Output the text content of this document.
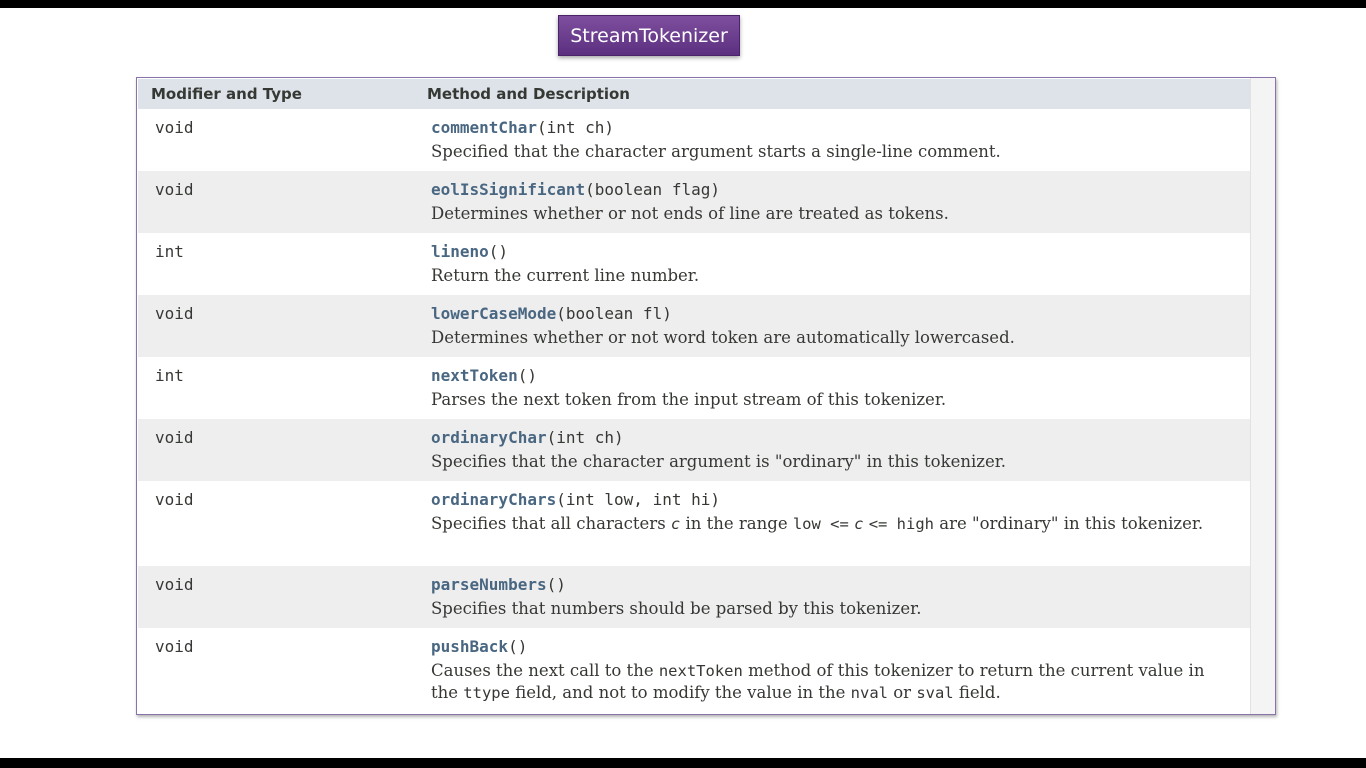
StreamTokenizer
Modifier and Type	Method and Description
void	commentChar(int ch)
Specified that the character argument starts a single-line comment.
void	eolIsSignificant(boolean flag)
Determines whether or not ends of line are treated as tokens.
int	lineno()
Return the current line number.
void	lowerCaseMode(boolean fl)
Determines whether or not word token are automatically lowercased.
int	nextToken()
Parses the next token from the input stream of this tokenizer.
void	ordinaryChar(int ch)
Specifies that the character argument is "ordinary" in this tokenizer.
void	ordinaryChars(int low, int hi)
Specifies that all characters c in the range low <= c <= high are "ordinary" in this tokenizer.
void	parseNumbers()
Specifies that numbers should be parsed by this tokenizer.
void	pushBack()
Causes the next call to the nextToken method of this tokenizer to return the current value in the ttype field, and not to modify the value in the nval or sval field.
